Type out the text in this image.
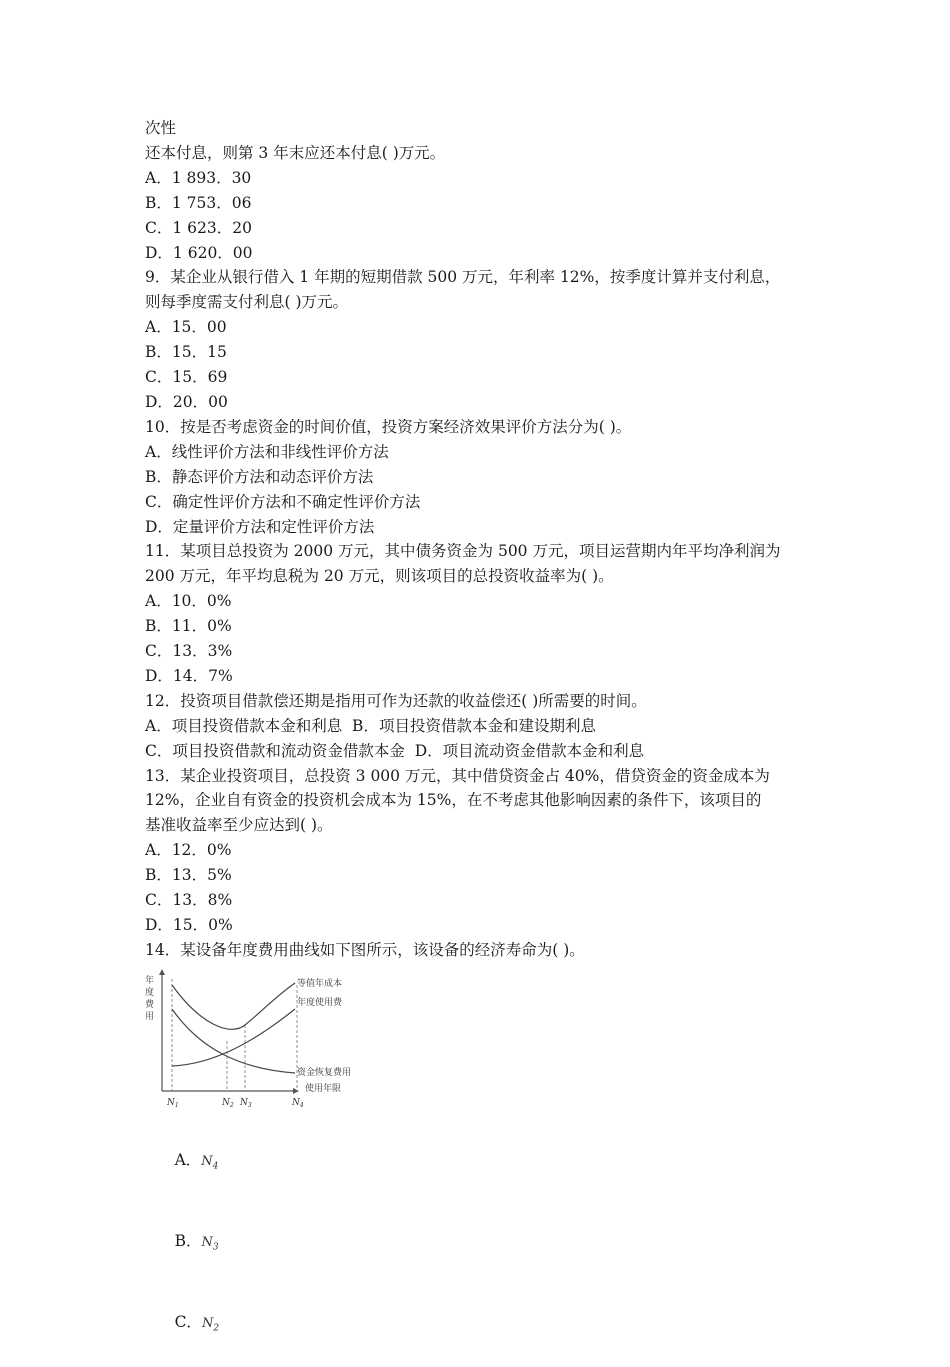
次性
还本付息，则第 3 年末应还本付息( )万元。
A．1 893．30
B．1 753．06
C．1 623．20
D．1 620．00
9．某企业从银行借入 1 年期的短期借款 500 万元，年利率 12%，按季度计算并支付利息，
则每季度需支付利息( )万元。
A．15．00
B．15．15
C．15．69
D．20．00
10．按是否考虑资金的时间价值，投资方案经济效果评价方法分为( )。
A．线性评价方法和非线性评价方法
B．静态评价方法和动态评价方法
C．确定性评价方法和不确定性评价方法
D．定量评价方法和定性评价方法
11．某项目总投资为 2000 万元，其中债务资金为 500 万元，项目运营期内年平均净利润为
200 万元，年平均息税为 20 万元，则该项目的总投资收益率为( )。
A．10．0%
B．11．0%
C．13．3%
D．14．7%
12．投资项目借款偿还期是指用可作为还款的收益偿还( )所需要的时间。
A．项目投资借款本金和利息  B．项目投资借款本金和建设期利息
C．项目投资借款和流动资金借款本金  D．项目流动资金借款本金和利息
13．某企业投资项目，总投资 3 000 万元，其中借贷资金占 40%，借贷资金的资金成本为
12%，企业自有资金的投资机会成本为 15%，在不考虑其他影响因素的条件下，该项目的
基准收益率至少应达到( )。
A．12．0%
B．13．5%
C．13．8%
D．15．0%
14．某设备年度费用曲线如下图所示，该设备的经济寿命为( )。
年
度
费
用
等值年成本
年度使用费
资金恢复费用
使用年限
$N_1$	$N_2$ $N_3$	$N_4$

A．$N_4$

B．$N_3$

C．$N_2$
